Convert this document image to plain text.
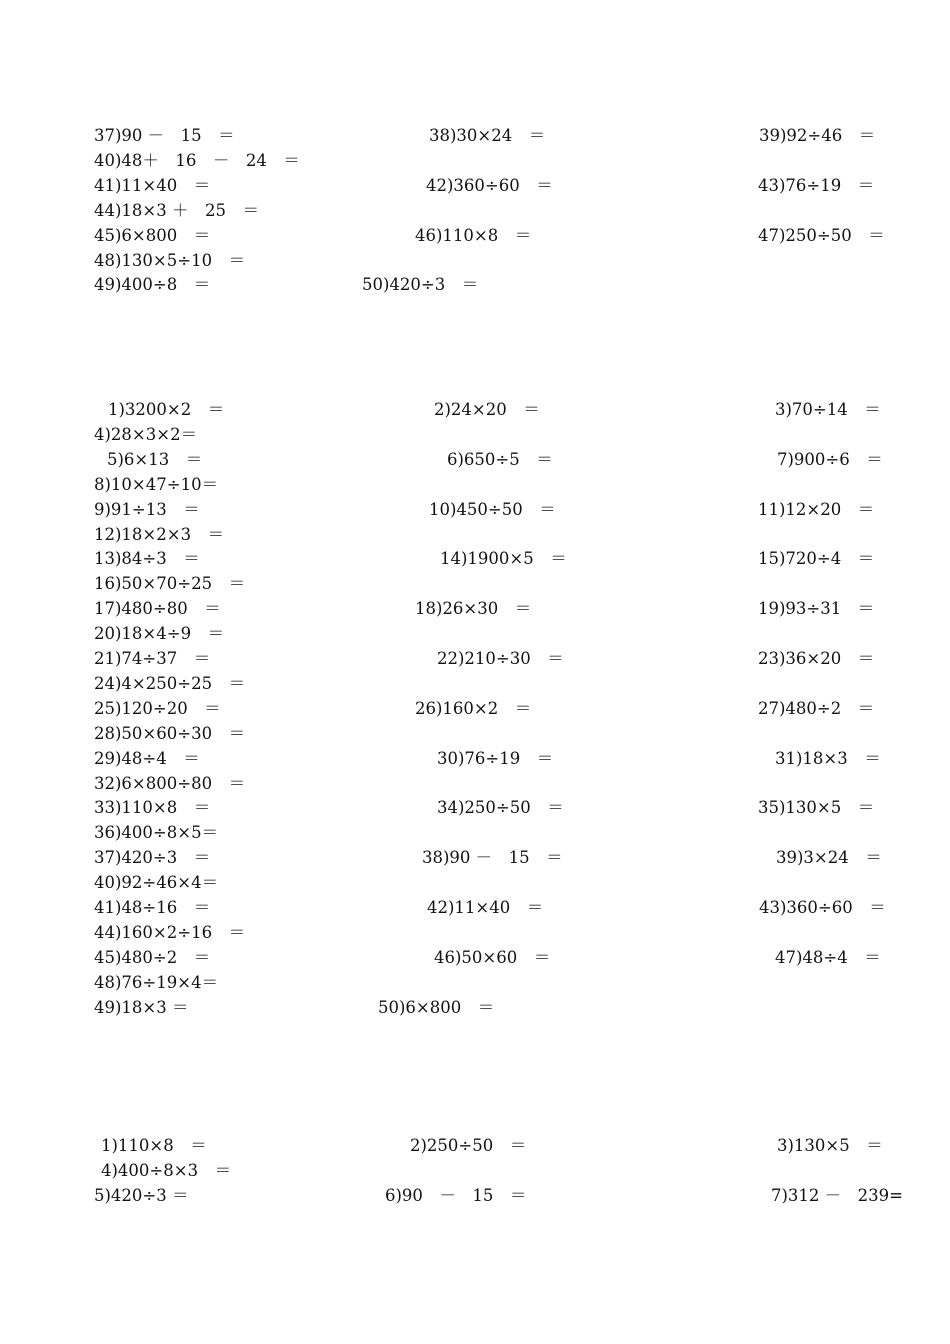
37)90 －　15　＝	38)30×24　＝	39)92÷46　＝
40)48＋　16　－　24　＝
41)11×40　＝	42)360÷60　＝	43)76÷19　＝
44)18×3 ＋　25　＝
45)6×800　＝	46)110×8　＝	47)250÷50　＝
48)130×5÷10　＝
49)400÷8　＝	50)420÷3　＝
1)3200×2　＝	2)24×20　＝	3)70÷14　＝
4)28×3×2＝
5)6×13　＝	6)650÷5　＝	7)900÷6　＝
8)10×47÷10＝
9)91÷13　＝	10)450÷50　＝	11)12×20　＝
12)18×2×3　＝
13)84÷3　＝	14)1900×5　＝	15)720÷4　＝
16)50×70÷25　＝
17)480÷80　＝	18)26×30　＝	19)93÷31　＝
20)18×4÷9　＝
21)74÷37　＝	22)210÷30　＝	23)36×20　＝
24)4×250÷25　＝
25)120÷20　＝	26)160×2　＝	27)480÷2　＝
28)50×60÷30　＝
29)48÷4　＝	30)76÷19　＝	31)18×3　＝
32)6×800÷80　＝
33)110×8　＝	34)250÷50　＝	35)130×5　＝
36)400÷8×5＝
37)420÷3　＝	38)90 －　15　＝	39)3×24　＝
40)92÷46×4＝
41)48÷16　＝	42)11×40　＝	43)360÷60　＝
44)160×2÷16　＝
45)480÷2　＝	46)50×60　＝	47)48÷4　＝
48)76÷19×4＝
49)18×3 ＝	50)6×800　＝
1)110×8　＝	2)250÷50　＝	3)130×5　＝
4)400÷8×3　＝
5)420÷3 ＝	6)90　－　15　＝	7)312 －　239=
